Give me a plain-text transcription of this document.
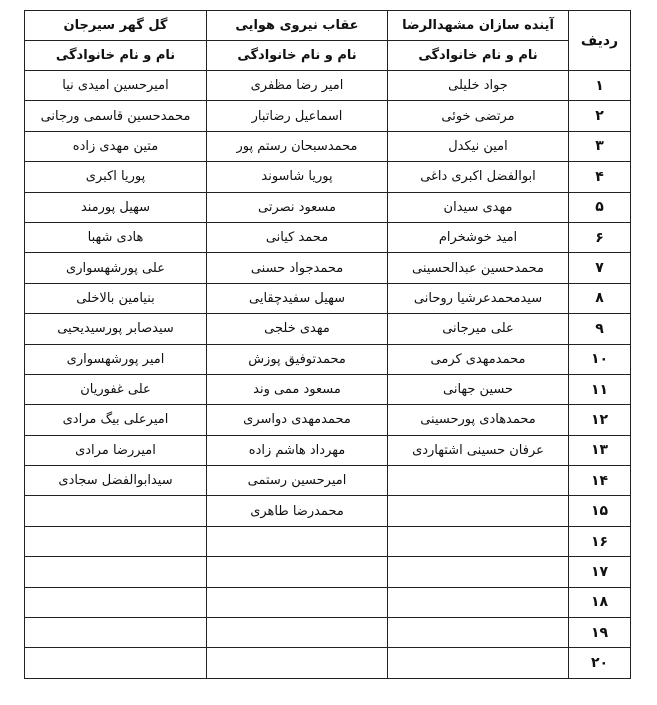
ردیف	آینده سازان مشهدالرضا	عقاب نیروی هوایی	گل گهر سیرجان
	نام و نام خانوادگی	نام و نام خانوادگی	نام و نام خانوادگی
۱	جواد خلیلی	امیر رضا مظفری	امیرحسین امیدی نیا
۲	مرتضی خوئی	اسماعیل رضاتبار	محمدحسین قاسمی ورجانی
۳	امین نیکدل	محمدسبحان رستم پور	متین مهدی زاده
۴	ابوالفضل اکبری داغی	پوریا شاسوند	پوریا اکبری
۵	مهدی سیدان	مسعود نصرتی	سهیل پورمند
۶	امید خوشخرام	محمد کیانی	هادی شهبا
۷	محمدحسین عبدالحسینی	محمدجواد حسنی	علی پورشهسواری
۸	سیدمحمدعرشیا روحانی	سهیل سفیدچقایی	بنیامین بالاخلی
۹	علی میرجانی	مهدی خلجی	سیدصابر پورسیدیحیی
۱۰	محمدمهدی کرمی	محمدتوفیق پوزش	امیر پورشهسواری
۱۱	حسین جهانی	مسعود ممی وند	علی غفوریان
۱۲	محمدهادی پورحسینی	محمدمهدی دواسری	امیرعلی بیگ مرادی
۱۳	عرفان حسینی اشتهاردی	مهرداد هاشم زاده	امیررضا مرادی
۱۴		امیرحسین رستمی	سیدابوالفضل سجادی
۱۵		محمدرضا طاهری	
۱۶			
۱۷			
۱۸			
۱۹			
۲۰			
